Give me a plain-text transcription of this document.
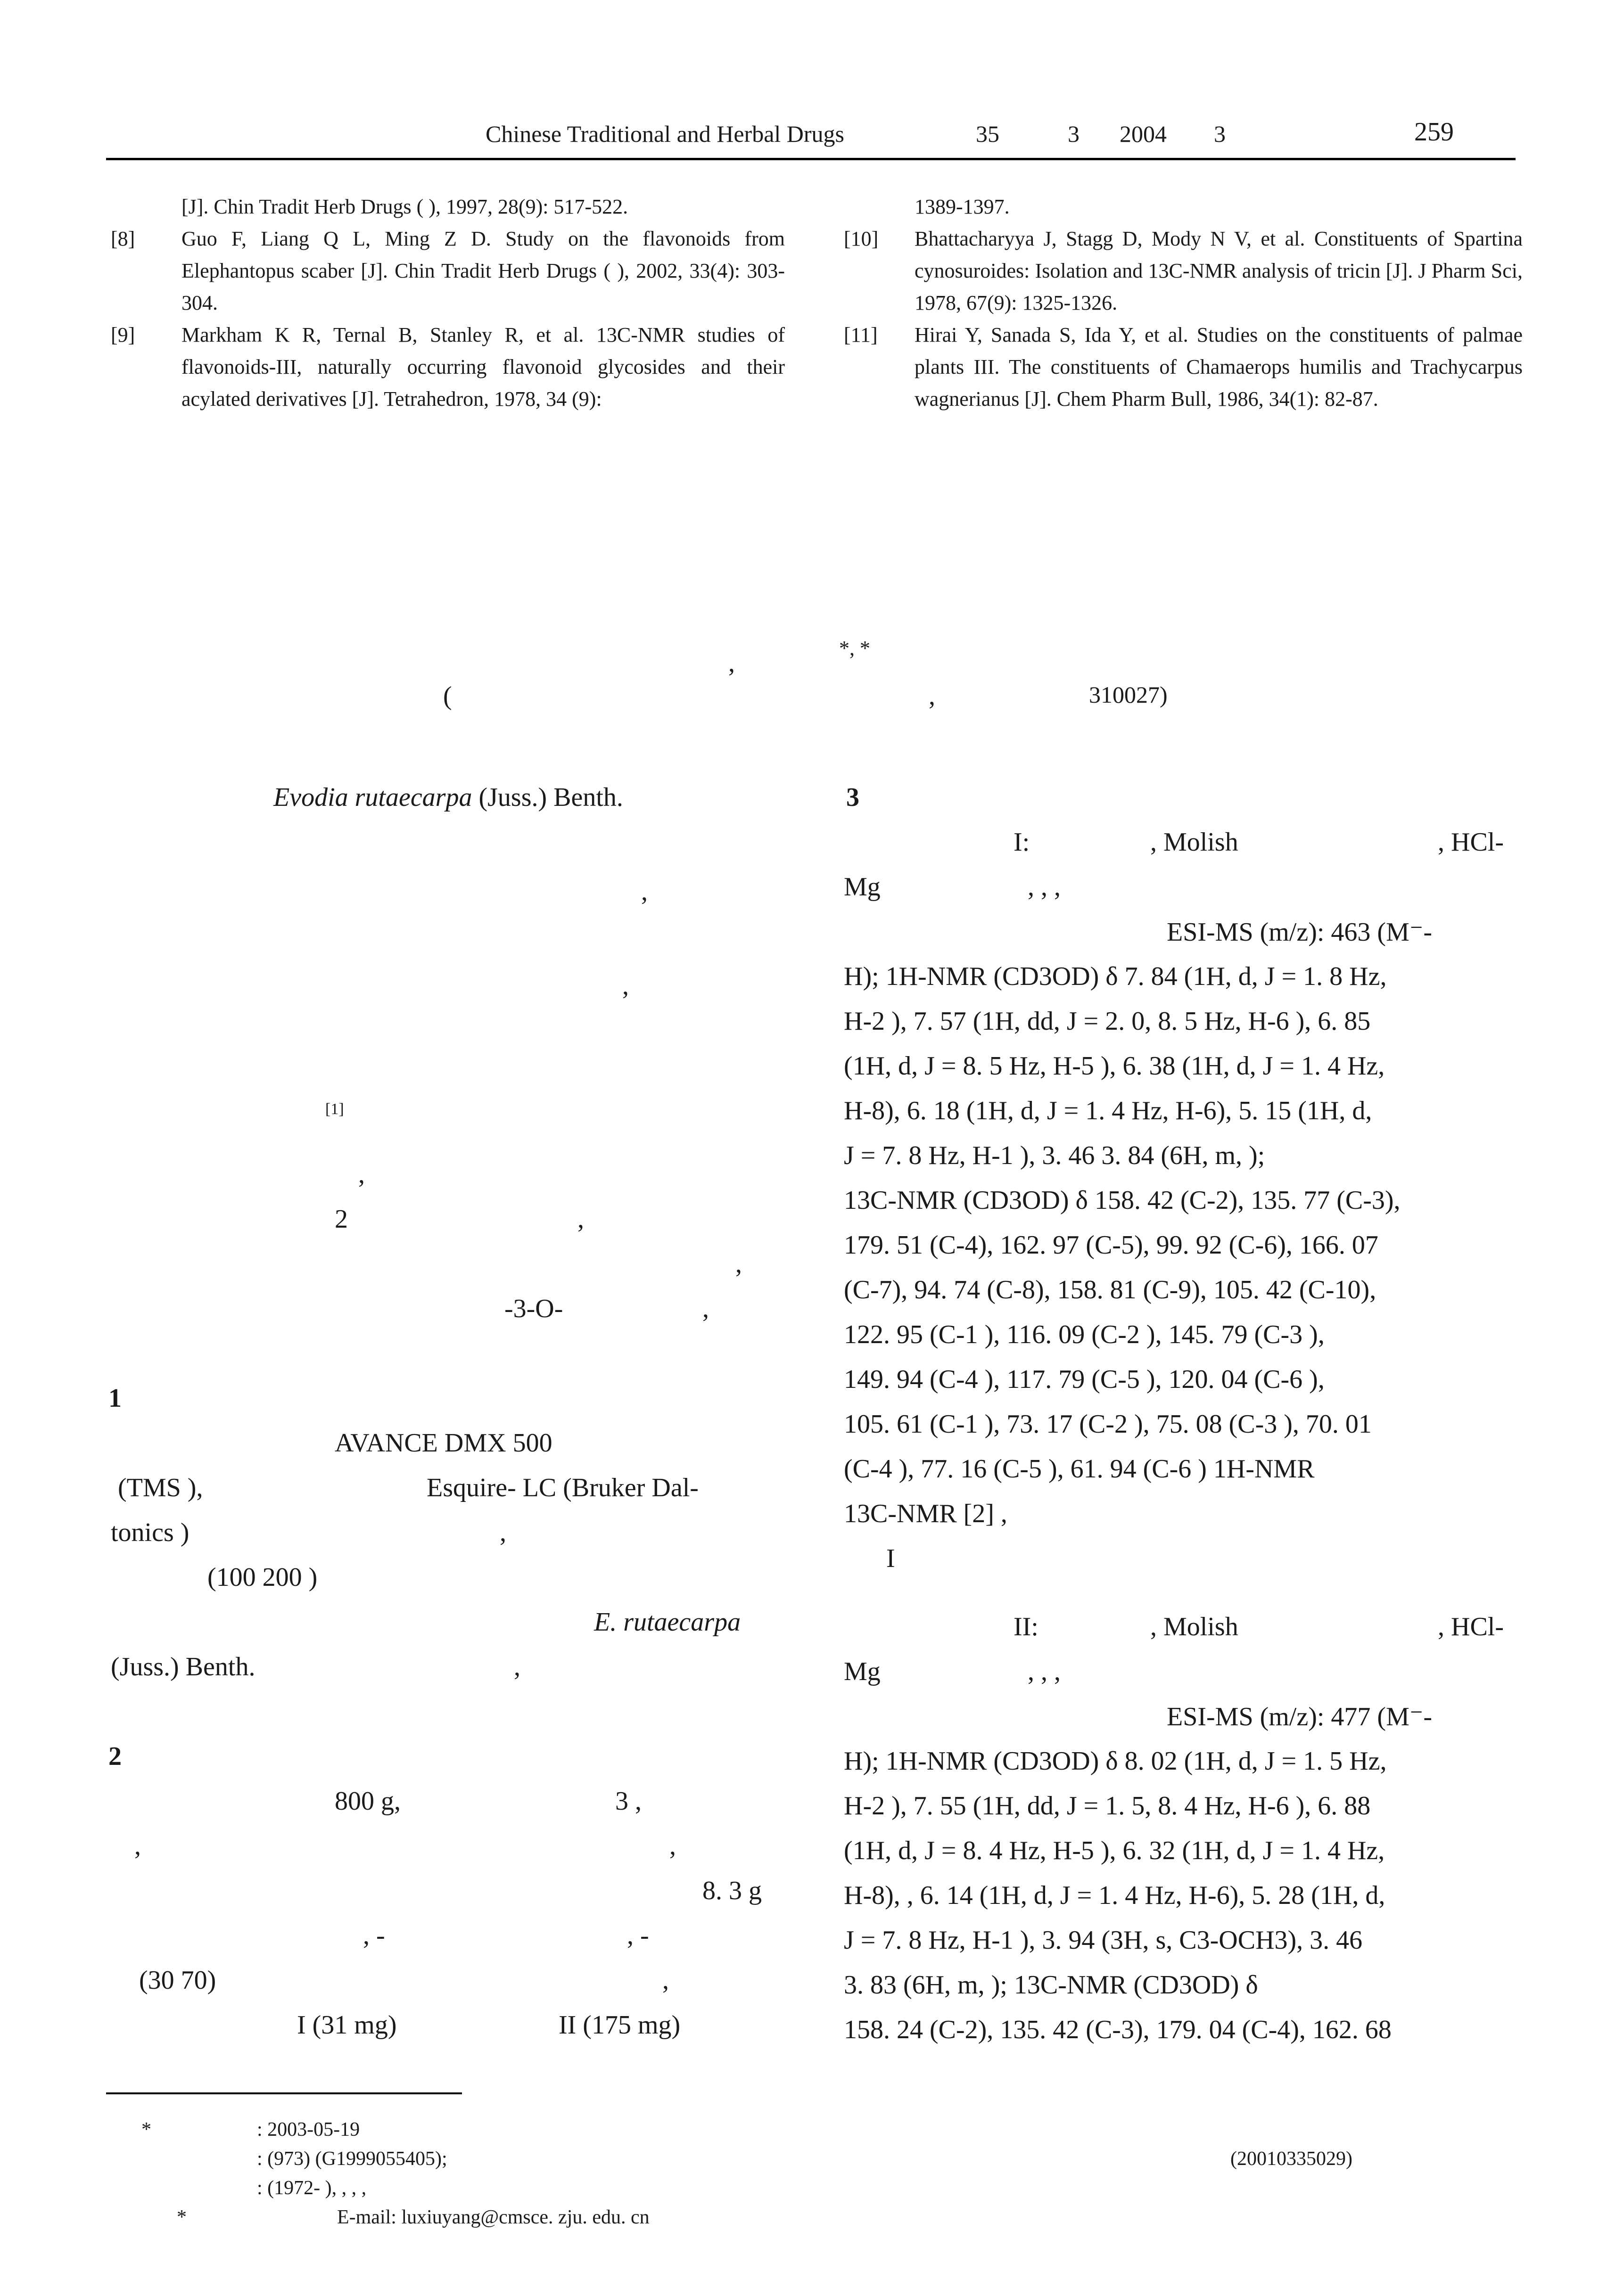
Chinese Traditional and Herbal Drugs	35	3 2004 3	259
[J]. Chin Tradit Herb Drugs ( ), 1997, 28(9): 517-522.
[8] Guo F, Liang Q L, Ming Z D. Study on the flavonoids from Elephantopus scaber [J]. Chin Tradit Herb Drugs ( ), 2002, 33(4): 303-304.
[9] Markham K R, Ternal B, Stanley R, et al. 13C-NMR studies of flavonoids-III, naturally occurring flavonoid glycosides and their acylated derivatives [J]. Tetrahedron, 1978, 34 (9):
1389-1397.
[10] Bhattacharyya J, Stagg D, Mody N V, et al. Constituents of Spartina cynosuroides: Isolation and 13C-NMR analysis of tricin [J]. J Pharm Sci, 1978, 67(9): 1325-1326.
[11] Hirai Y, Sanada S, Ida Y, et al. Studies on the constituents of palmae plants III. The constituents of Chamaerops humilis and Trachycarpus wagnerianus [J]. Chem Pharm Bull, 1986, 34(1): 82-87.
*, *
,
(	,	310027)
Evodia rutaecarpa (Juss.) Benth.
,
,
[1]
,
2	,
,
-3-O-	,
1
AVANCE DMX 500
(TMS ),	Esquire- LC (Bruker Dal-
tonics )	,
(100 200 )
E. rutaecarpa
(Juss.) Benth.	,
2
800 g,	3 ,
,	,
8. 3 g
, -	, -
(30 70)	,
I (31 mg)	II (175 mg)
3
I:	, Molish	, HCl-
Mg	, , ,
ESI-MS (m/z): 463 (M⁻-
H); 1H-NMR (CD3OD) δ 7. 84 (1H, d, J = 1. 8 Hz,
H-2 ), 7. 57 (1H, dd, J = 2. 0, 8. 5 Hz, H-6 ), 6. 85
(1H, d, J = 8. 5 Hz, H-5 ), 6. 38 (1H, d, J = 1. 4 Hz,
H-8), 6. 18 (1H, d, J = 1. 4 Hz, H-6), 5. 15 (1H, d,
J = 7. 8 Hz, H-1 ), 3. 46 3. 84 (6H, m, );
13C-NMR (CD3OD) δ 158. 42 (C-2), 135. 77 (C-3),
179. 51 (C-4), 162. 97 (C-5), 99. 92 (C-6), 166. 07
(C-7), 94. 74 (C-8), 158. 81 (C-9), 105. 42 (C-10),
122. 95 (C-1 ), 116. 09 (C-2 ), 145. 79 (C-3 ),
149. 94 (C-4 ), 117. 79 (C-5 ), 120. 04 (C-6 ),
105. 61 (C-1 ), 73. 17 (C-2 ), 75. 08 (C-3 ), 70. 01
(C-4 ), 77. 16 (C-5 ), 61. 94 (C-6 ) 1H-NMR
13C-NMR [2] ,
I
II:	, Molish	, HCl-
Mg	, , ,
ESI-MS (m/z): 477 (M⁻-
H); 1H-NMR (CD3OD) δ 8. 02 (1H, d, J = 1. 5 Hz,
H-2 ), 7. 55 (1H, dd, J = 1. 5, 8. 4 Hz, H-6 ), 6. 88
(1H, d, J = 8. 4 Hz, H-5 ), 6. 32 (1H, d, J = 1. 4 Hz,
H-8), , 6. 14 (1H, d, J = 1. 4 Hz, H-6), 5. 28 (1H, d,
J = 7. 8 Hz, H-1 ), 3. 94 (3H, s, C3-OCH3), 3. 46
3. 83 (6H, m, ); 13C-NMR (CD3OD) δ
158. 24 (C-2), 135. 42 (C-3), 179. 04 (C-4), 162. 68
*	: 2003-05-19
: (973) (G1999055405);	(20010335029)
: (1972- ), , , ,
*	E-mail: luxiuyang@cmsce. zju. edu. cn
